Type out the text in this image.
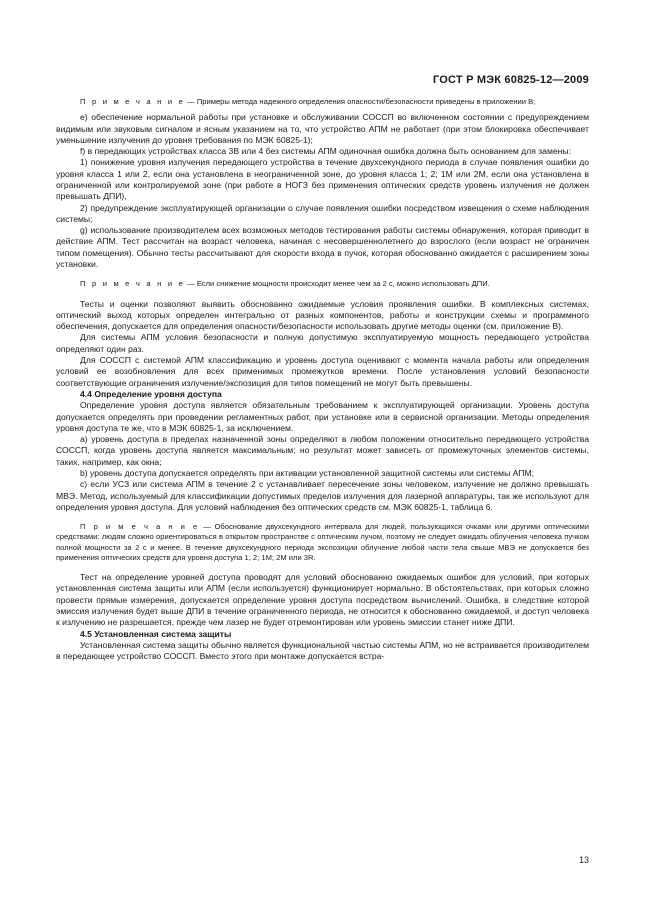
ГОСТ Р МЭК 60825-12—2009

П р и м е ч а н и е — Примеры метода надежного определения опасности/безопасности приведены в приложении В;

е) обеспечение нормальной работы при установке и обслуживании СОССП во включенном состоянии с предупреждением видимым или звуковым сигналом и ясным указанием на то, что устройство АПМ не работает (при этом блокировка обеспечивает уменьшение излучения до уровня требования по МЭК 60825-1);

f) в передающих устройствах класса 3В или 4 без системы АПМ одиночная ошибка должна быть основанием для замены:

1) понижение уровня излучения передающего устройства в течение двухсекундного периода в случае появления ошибки до уровня класса 1 или 2, если она установлена в неограниченной зоне, до уровня класса 1; 2; 1М или 2М, если она установлена в ограниченной или контролируемой зоне (при работе в НОГЗ без применения оптических средств уровень излучения не должен превышать ДПИ),

2) предупреждение эксплуатирующей организации о случае появления ошибки посредством извещения о схеме наблюдения системы;

g) использование производителем всех возможных методов тестирования работы системы обнаружения, которая приводит в действие АПМ. Тест рассчитан на возраст человека, начиная с несовершеннолетнего до взрослого (если возраст не ограничен типом помещения). Обычно тесты рассчитывают для скорости входа в пучок, которая обоснованно ожидается с расширением зоны установки.

П р и м е ч а н и е — Если снижение мощности происходит менее чем за 2 с, можно использовать ДПИ.

Тесты и оценки позволяют выявить обоснованно ожидаемые условия проявления ошибки. В комплексных системах, оптический выход которых определен интегрально от разных компонентов, работы и конструкции схемы и программного обеспечения, допускается для определения опасности/безопасности использовать другие методы оценки (см. приложение В).

Для системы АПМ условия безопасности и полную допустимую эксплуатируемую мощность передающего устройства определяют один раз.

Для СОССП с системой АПМ классификацию и уровень доступа оценивают с момента начала работы или определения условий ее возобновления для всех применимых промежутков времени. После установления условий безопасности соответствующие ограничения излучение/экспозиция для типов помещений не могут быть превышены.

4.4 Определение уровня доступа

Определение уровня доступа является обязательным требованием к эксплуатирующей организации. Уровень доступа допускается определять при проведении регламентных работ, при установке или в сервисной организации. Методы определения уровня доступа те же, что в МЭК 60825-1, за исключением.

а) уровень доступа в пределах назначенной зоны определяют в любом положении относительно передающего устройства СОССП, когда уровень доступа является максимальным; но результат может зависеть от промежуточных элементов системы, таких, например, как окна;

b) уровень доступа допускается определять при активации установленной защитной системы или системы АПМ;

с) если УСЗ или система АПМ в течение 2 с устанавливает пересечение зоны человеком, излучение не должно превышать МВЭ. Метод, используемый для классификации допустимых пределов излучения для лазерной аппаратуры, так же используют для определения уровня доступа. Для условий наблюдения без оптических средств см. МЭК 60825-1, таблица 6.

П р и м е ч а н и е — Обоснование двухсекундного интервала для людей, пользующихся очками или другими оптическими средствами: людям сложно ориентироваться в открытом пространстве с оптическим лучом, поэтому не следует ожидать облучения человека пучком полной мощности за 2 с и менее. В течение двухсекундного периода экспозиции облучение любой части тела свыше МВЭ не допускается без применения оптических средств для уровня доступа 1; 2; 1М; 2М или 3R.

Тест на определение уровней доступа проводят для условий обоснованно ожидаемых ошибок для условий, при которых установленная система защиты или АПМ (если используется) функционирует нормально. В обстоятельствах, при которых сложно провести прямые измерения, допускается определение уровня доступа посредством вычислений. Ошибка, в следствие которой эмиссия излучения будет выше ДПИ в течение ограниченного периода, не относится к обоснованно ожидаемой, и доступ человека к излучению не разрешается, прежде чем лазер не будет отремонтирован или уровень эмиссии станет ниже ДПИ.

4.5 Установленная система защиты

Установленная система защиты обычно является функциональной частью системы АПМ, но не встраивается производителем в передающее устройство СОССП. Вместо этого при монтаже допускается встра-

13
